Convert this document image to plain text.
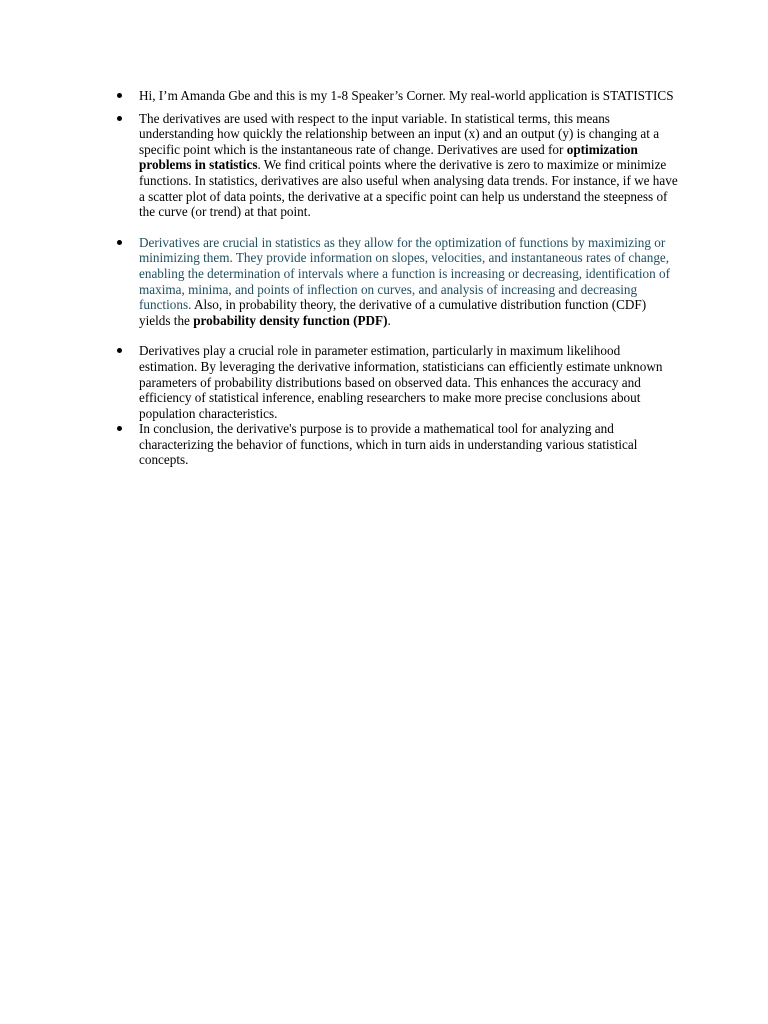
Hi, I’m Amanda Gbe and this is my 1-8 Speaker’s Corner. My real-world application is STATISTICS

The derivatives are used with respect to the input variable. In statistical terms, this means understanding how quickly the relationship between an input (x) and an output (y) is changing at a specific point which is the instantaneous rate of change. Derivatives are used for optimization problems in statistics. We find critical points where the derivative is zero to maximize or minimize functions. In statistics, derivatives are also useful when analysing data trends. For instance, if we have a scatter plot of data points, the derivative at a specific point can help us understand the steepness of the curve (or trend) at that point.

Derivatives are crucial in statistics as they allow for the optimization of functions by maximizing or minimizing them. They provide information on slopes, velocities, and instantaneous rates of change, enabling the determination of intervals where a function is increasing or decreasing, identification of maxima, minima, and points of inflection on curves, and analysis of increasing and decreasing functions. Also, in probability theory, the derivative of a cumulative distribution function (CDF) yields the probability density function (PDF).

Derivatives play a crucial role in parameter estimation, particularly in maximum likelihood estimation. By leveraging the derivative information, statisticians can efficiently estimate unknown parameters of probability distributions based on observed data. This enhances the accuracy and efficiency of statistical inference, enabling researchers to make more precise conclusions about population characteristics.

In conclusion, the derivative's purpose is to provide a mathematical tool for analyzing and characterizing the behavior of functions, which in turn aids in understanding various statistical concepts.
